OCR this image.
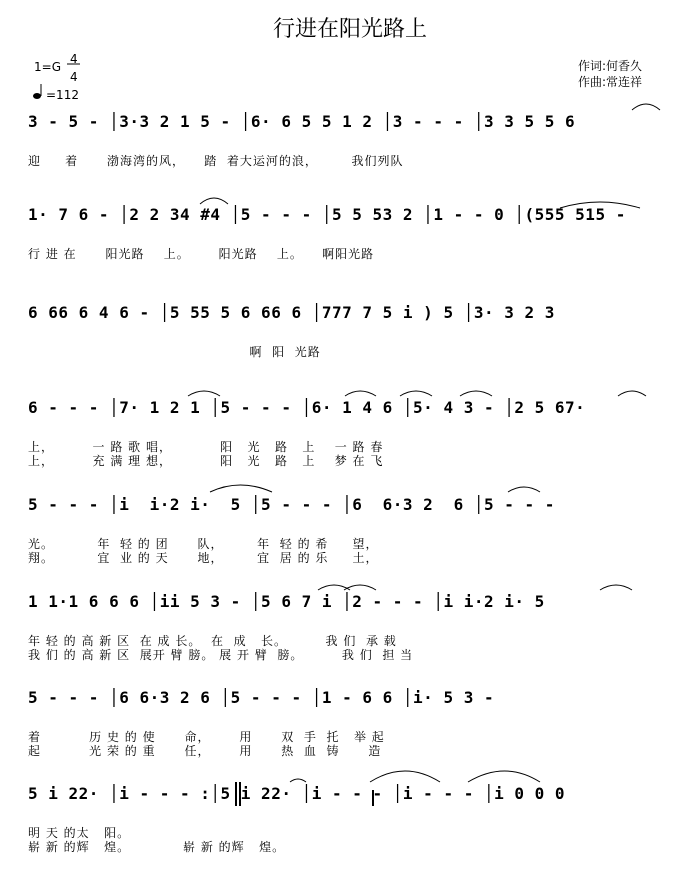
行进在阳光路上
1=G
4
4
=112
作词:何香久
作曲:常连祥
3 - 5 - │3·3 2 1 5 - │6· 6 5 5 1 2 │3 - - - │3 3 5 5 6
迎     着      渤海湾的风，    踏  着大运河的浪，       我们列队
1· 7 6 - │2 2 34 #4 │5 - - - │5 5 53 2 │1 - - 0 │(555 515 -
行 进 在      阳光路    上。      阳光路    上。    啊阳光路
6 66 6 4 6 - │5 55 5 6 66 6 │777 7 5 i ) 5 │3· 3 2 3
啊  阳  光路
6 - - - │7· 1 2 1 │5 - - - │6· 1 4 6 │5· 4 3 - │2 5 67·
上，        一 路 歌 唱，          阳   光   路   上    一 路 春
上，        充 满 理 想，          阳   光   路   上    梦 在 飞
5 - - - │i  i·2 i·  5 │5 - - - │6  6·3 2  6 │5 - - -
光。         年  轻 的 团      队，       年  轻 的 希     望，
翔。         宜  业 的 天      地，       宜  居 的 乐     土，
1 1·1 6 6 6 │ii 5 3 - │5 6 7 i │2 - - - │i i·2 i· 5
年 轻 的 高 新 区  在 成 长。  在  成   长。        我 们  承 载
我 们 的 高 新 区  展开 臂 膀。 展 开 臂  膀。        我 们  担 当
5 - - - │6 6·3 2 6 │5 - - - │1 - 6 6 │i· 5 3 -
着          历 史 的 使      命，      用      双  手  托   举 起
起          光 荣 的 重      任，      用      热  血  铸      造
5 i 22· │i - - - :│5 i 22· │i - - - │i - - - │i 0 0 0
明 天 的太   阳。
崭 新 的辉   煌。           崭 新 的辉   煌。
